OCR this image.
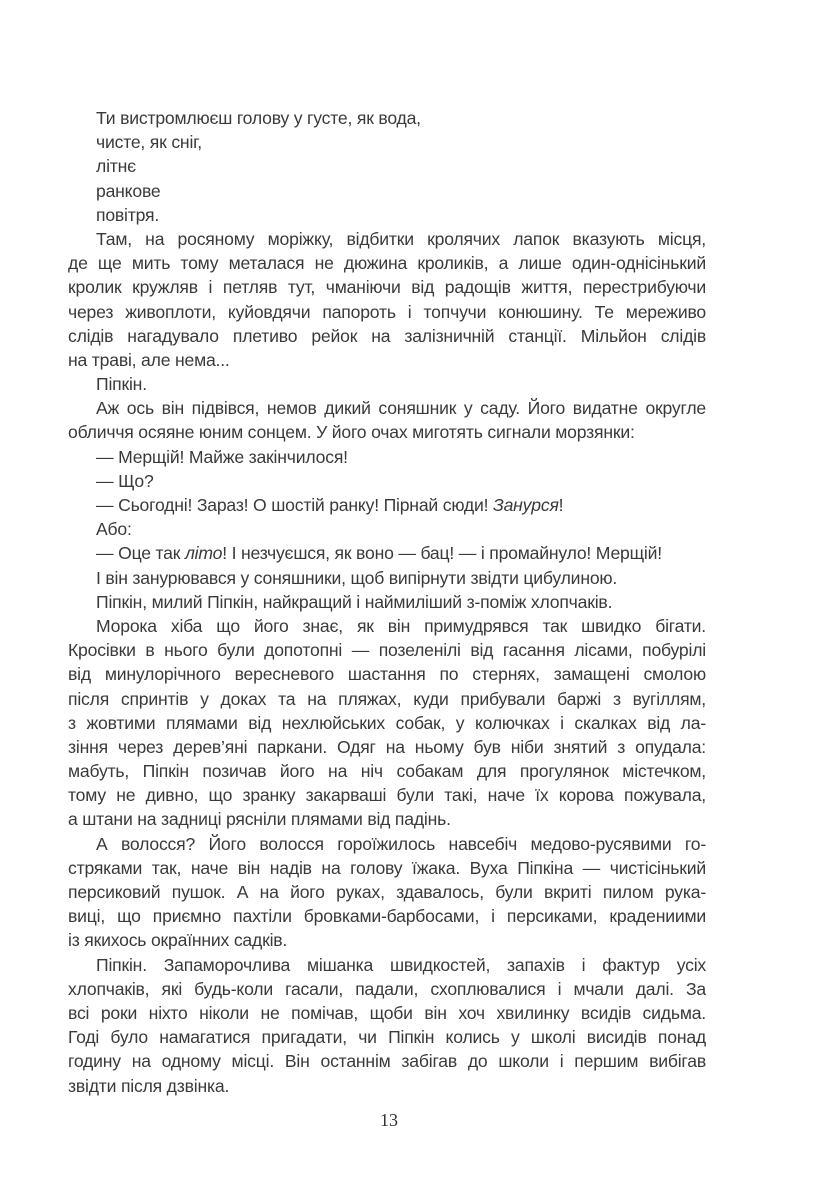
Ти вистромлюєш голову у густе, як вода,
чисте, як сніг,
літнє
ранкове
повітря.
Там, на росяному моріжку, відбитки кролячих лапок вказують місця,
де ще мить тому металася не дюжина кроликів, а лише один-однісінький
кролик кружляв і петляв тут, чманіючи від радощів життя, перестрибуючи
через живоплоти, куйовдячи папороть і топчучи конюшину. Те мереживо
слідів нагадувало плетиво рейок на залізничній станції. Мільйон слідів
на траві, але нема...
Піпкін.
Аж ось він підвівся, немов дикий соняшник у саду. Його видатне округле
обличчя осяяне юним сонцем. У його очах миготять сигнали морзянки:
— Мерщій! Майже закінчилося!
— Що?
— Сьогодні! Зараз! О шостій ранку! Пірнай сюди! Занурся!
Або:
— Оце так літо! І незчуєшся, як воно — бац! — і промайнуло! Мерщій!
І він занурювався у соняшники, щоб випірнути звідти цибулиною.
Піпкін, милий Піпкін, найкращий і наймиліший з-поміж хлопчаків.
Морока хіба що його знає, як він примудрявся так швидко бігати.
Кросівки в нього були допотопні — позеленілі від гасання лісами, побурілі
від минулорічного вересневого шастання по стернях, замащені смолою
після спринтів у доках та на пляжах, куди прибували баржі з вугіллям,
з жовтими плямами від нехлюйських собак, у колючках і скалках від ла-
зіння через дерев’яні паркани. Одяг на ньому був ніби знятий з опудала:
мабуть, Піпкін позичав його на ніч собакам для прогулянок містечком,
тому не дивно, що зранку закарваші були такі, наче їх корова пожувала,
а штани на задниці рясніли плямами від падінь.
А волосся? Його волосся гороїжилось навсебіч медово-русявими го-
стряками так, наче він надів на голову їжака. Вуха Піпкіна — чистісінький
персиковий пушок. А на його руках, здавалось, були вкриті пилом рука-
виці, що приємно пахтіли бровками-барбосами, і персиками, крадениими
із якихось окраїнних садків.
Піпкін. Запаморочлива мішанка швидкостей, запахів і фактур усіх
хлопчаків, які будь-коли гасали, падали, схоплювалися і мчали далі. За
всі роки ніхто ніколи не помічав, щоби він хоч хвилинку всидів сидьма.
Годі було намагатися пригадати, чи Піпкін колись у школі висидів понад
годину на одному місці. Він останнім забігав до школи і першим вибігав
звідти після дзвінка.
13
